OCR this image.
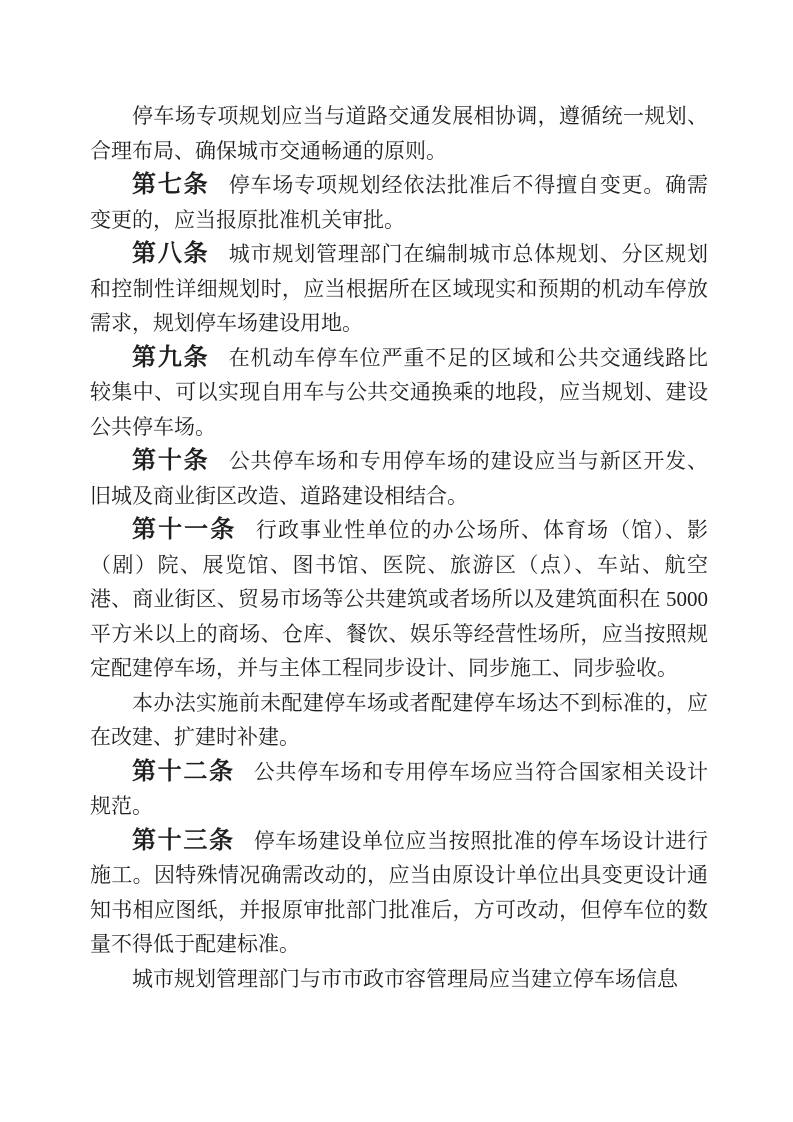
停车场专项规划应当与道路交通发展相协调，遵循统一规划、合理布局、确保城市交通畅通的原则。

第七条 停车场专项规划经依法批准后不得擅自变更。确需变更的，应当报原批准机关审批。

第八条 城市规划管理部门在编制城市总体规划、分区规划和控制性详细规划时，应当根据所在区域现实和预期的机动车停放需求，规划停车场建设用地。

第九条 在机动车停车位严重不足的区域和公共交通线路比较集中、可以实现自用车与公共交通换乘的地段，应当规划、建设公共停车场。

第十条 公共停车场和专用停车场的建设应当与新区开发、旧城及商业街区改造、道路建设相结合。

第十一条 行政事业性单位的办公场所、体育场（馆）、影（剧）院、展览馆、图书馆、医院、旅游区（点）、车站、航空港、商业街区、贸易市场等公共建筑或者场所以及建筑面积在 5000 平方米以上的商场、仓库、餐饮、娱乐等经营性场所，应当按照规定配建停车场，并与主体工程同步设计、同步施工、同步验收。

本办法实施前未配建停车场或者配建停车场达不到标准的，应在改建、扩建时补建。

第十二条 公共停车场和专用停车场应当符合国家相关设计规范。

第十三条 停车场建设单位应当按照批准的停车场设计进行施工。因特殊情况确需改动的，应当由原设计单位出具变更设计通知书相应图纸，并报原审批部门批准后，方可改动，但停车位的数量不得低于配建标准。

城市规划管理部门与市市政市容管理局应当建立停车场信息
